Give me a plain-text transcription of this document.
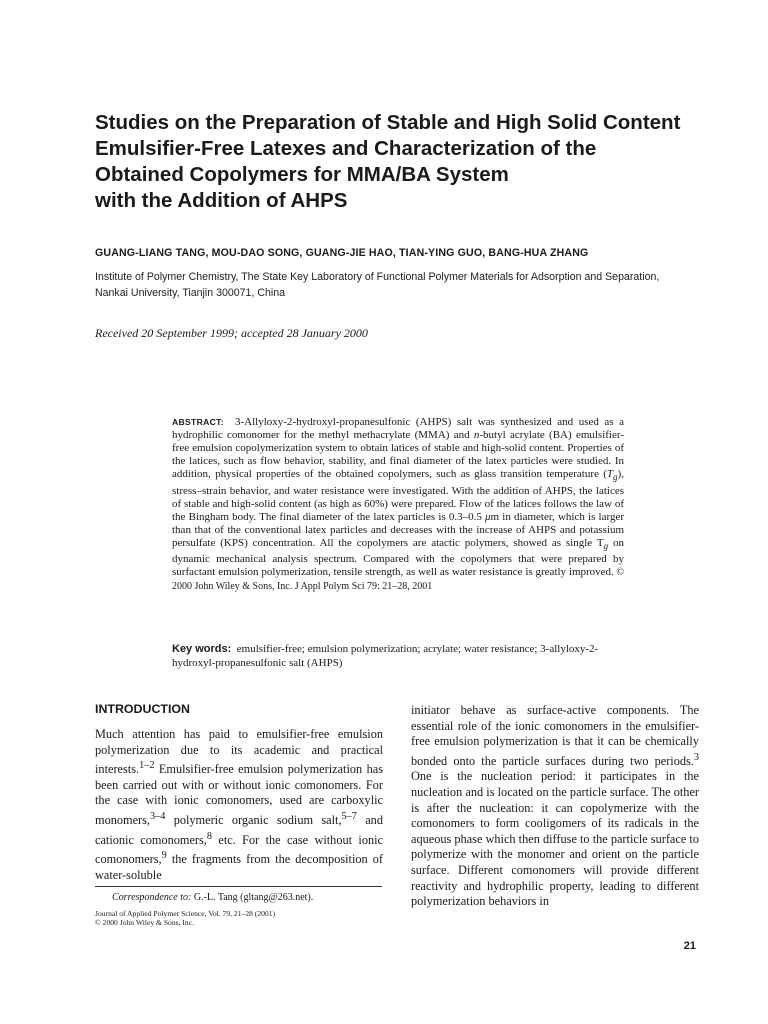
Studies on the Preparation of Stable and High Solid Content
Emulsifier-Free Latexes and Characterization of the
Obtained Copolymers for MMA/BA System
with the Addition of AHPS
GUANG-LIANG TANG, MOU-DAO SONG, GUANG-JIE HAO, TIAN-YING GUO, BANG-HUA ZHANG
Institute of Polymer Chemistry, The State Key Laboratory of Functional Polymer Materials for Adsorption and Separation,
Nankai University, Tianjin 300071, China
Received 20 September 1999; accepted 28 January 2000
ABSTRACT: 3-Allyloxy-2-hydroxyl-propanesulfonic (AHPS) salt was synthesized and used as a hydrophilic comonomer for the methyl methacrylate (MMA) and n-butyl acrylate (BA) emulsifier-free emulsion copolymerization system to obtain latices of stable and high-solid content. Properties of the latices, such as flow behavior, stability, and final diameter of the latex particles were studied. In addition, physical properties of the obtained copolymers, such as glass transition temperature $(T_g)$, stress–strain behavior, and water resistance were investigated. With the addition of AHPS, the latices of stable and high-solid content (as high as 60%) were prepared. Flow of the latices follows the law of the Bingham body. The final diameter of the latex particles is 0.3–0.5 μm in diameter, which is larger than that of the conventional latex particles and decreases with the increase of AHPS and potassium persulfate (KPS) concentration. All the copolymers are atactic polymers, showed as single $T_g$ on dynamic mechanical analysis spectrum. Compared with the copolymers that were prepared by surfactant emulsion polymerization, tensile strength, as well as water resistance is greatly improved. © 2000 John Wiley & Sons, Inc. J Appl Polym Sci 79: 21–28, 2001
Key words: emulsifier-free; emulsion polymerization; acrylate; water resistance; 3-allyloxy-2-hydroxyl-propanesulfonic salt (AHPS)
INTRODUCTION
Much attention has paid to emulsifier-free emulsion polymerization due to its academic and practical interests.$^{1-2}$ Emulsifier-free emulsion polymerization has been carried out with or without ionic comonomers. For the case with ionic comonomers, used are carboxylic monomers,$^{3-4}$ polymeric organic sodium salt,$^{5-7}$ and cationic comonomers,$^8$ etc. For the case without ionic comonomers,$^9$ the fragments from the decomposition of water-soluble
initiator behave as surface-active components. The essential role of the ionic comonomers in the emulsifier-free emulsion polymerization is that it can be chemically bonded onto the particle surfaces during two periods.$^3$ One is the nucleation period: it participates in the nucleation and is located on the particle surface. The other is after the nucleation: it can copolymerize with the comonomers to form cooligomers of its radicals in the aqueous phase which then diffuse to the particle surface to polymerize with the monomer and orient on the particle surface. Different comonomers will provide different reactivity and hydrophilic property, leading to different polymerization behaviors in
Correspondence to: G.-L. Tang (gltang@263.net).
Journal of Applied Polymer Science, Vol. 79, 21–28 (2001)
© 2000 John Wiley & Sons, Inc.
21
